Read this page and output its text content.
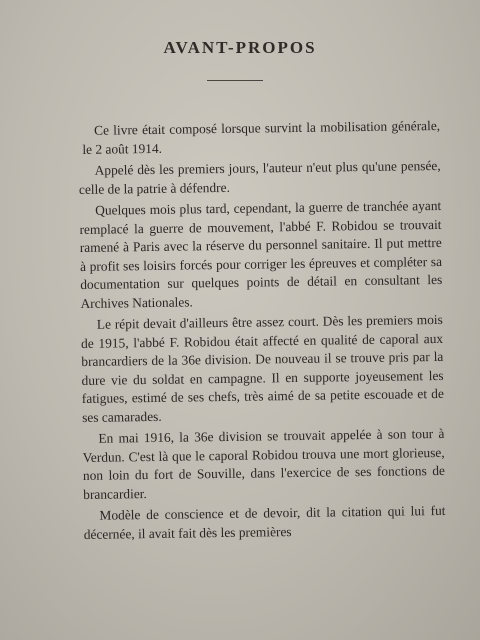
AVANT-PROPOS

Ce livre était composé lorsque survint la mobilisation générale, le 2 août 1914.

Appelé dès les premiers jours, l'auteur n'eut plus qu'une pensée, celle de la patrie à défendre.

Quelques mois plus tard, cependant, la guerre de tranchée ayant remplacé la guerre de mouvement, l'abbé F. Robidou se trouvait ramené à Paris avec la réserve du personnel sanitaire. Il put mettre à profit ses loisirs forcés pour corriger les épreuves et compléter sa documentation sur quelques points de détail en consultant les Archives Nationales.

Le répit devait d'ailleurs être assez court. Dès les premiers mois de 1915, l'abbé F. Robidou était affecté en qualité de caporal aux brancardiers de la 36e division. De nouveau il se trouve pris par la dure vie du soldat en campagne. Il en supporte joyeusement les fatigues, estimé de ses chefs, très aimé de sa petite escouade et de ses camarades.

En mai 1916, la 36e division se trouvait appelée à son tour à Verdun. C'est là que le caporal Robidou trouva une mort glorieuse, non loin du fort de Souville, dans l'exercice de ses fonctions de brancardier.

Modèle de conscience et de devoir, dit la citation qui lui fut décernée, il avait fait dès les premières
